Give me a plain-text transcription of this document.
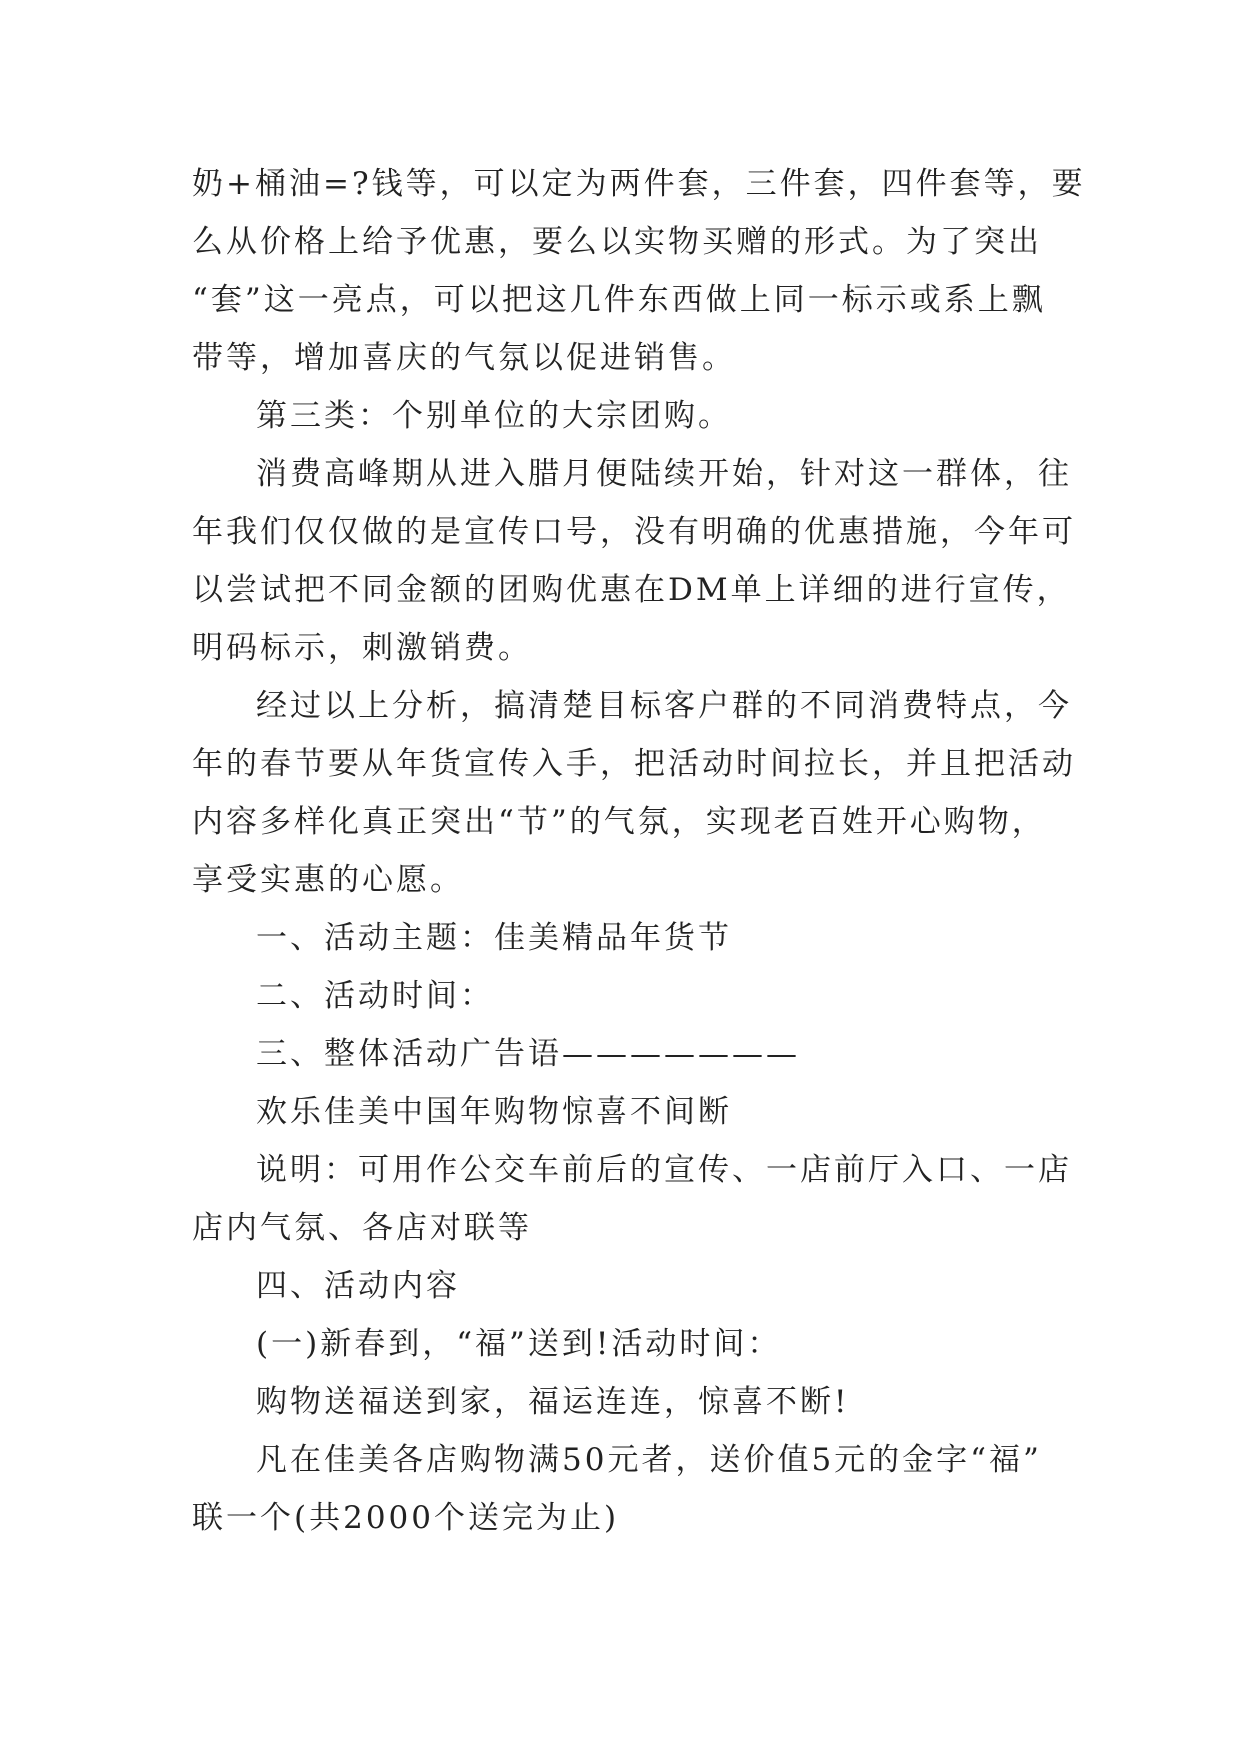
奶+桶油=?钱等，可以定为两件套，三件套，四件套等，要
么从价格上给予优惠，要么以实物买赠的形式。为了突出
“套”这一亮点，可以把这几件东西做上同一标示或系上飘
带等，增加喜庆的气氛以促进销售。
第三类：个别单位的大宗团购。
消费高峰期从进入腊月便陆续开始，针对这一群体，往
年我们仅仅做的是宣传口号，没有明确的优惠措施，今年可
以尝试把不同金额的团购优惠在DM单上详细的进行宣传，
明码标示，刺激销费。
经过以上分析，搞清楚目标客户群的不同消费特点，今
年的春节要从年货宣传入手，把活动时间拉长，并且把活动
内容多样化真正突出“节”的气氛，实现老百姓开心购物，
享受实惠的心愿。
一、活动主题：佳美精品年货节
二、活动时间：
三、整体活动广告语———————
欢乐佳美中国年购物惊喜不间断
说明：可用作公交车前后的宣传、一店前厅入口、一店
店内气氛、各店对联等
四、活动内容
(一)新春到，“福”送到!活动时间：
购物送福送到家，福运连连，惊喜不断!
凡在佳美各店购物满50元者，送价值5元的金字“福”
联一个(共2000个送完为止)
